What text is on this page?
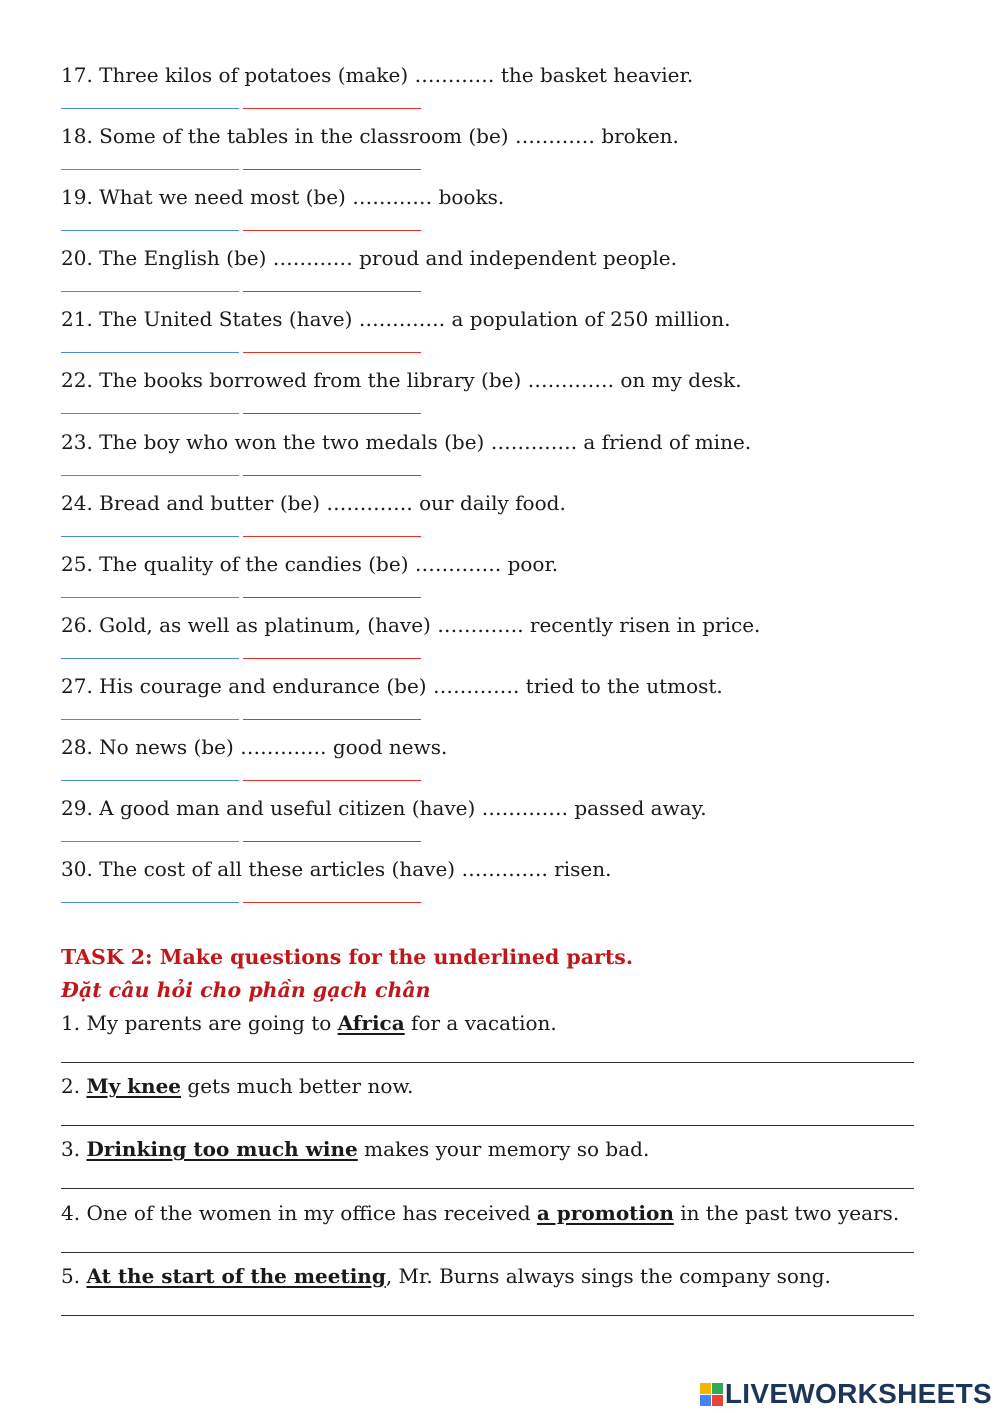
17. Three kilos of potatoes (make) ………… the basket heavier.
18. Some of the tables in the classroom (be) ………… broken.
19. What we need most (be) ………… books.
20. The English (be) ………… proud and independent people.
21. The United States (have) …………. a population of 250 million.
22. The books borrowed from the library (be) …………. on my desk.
23. The boy who won the two medals (be) …………. a friend of mine.
24. Bread and butter (be) …………. our daily food.
25. The quality of the candies (be) …………. poor.
26. Gold, as well as platinum, (have) …………. recently risen in price.
27. His courage and endurance (be) …………. tried to the utmost.
28. No news (be) …………. good news.
29. A good man and useful citizen (have) …………. passed away.
30. The cost of all these articles (have) …………. risen.
TASK 2: Make questions for the underlined parts.
Đặt câu hỏi cho phần gạch chân
1. My parents are going to Africa for a vacation.
2. My knee gets much better now.
3. Drinking too much wine makes your memory so bad.
4. One of the women in my office has received a promotion in the past two years.
5. At the start of the meeting, Mr. Burns always sings the company song.
LIVEWORKSHEETS
